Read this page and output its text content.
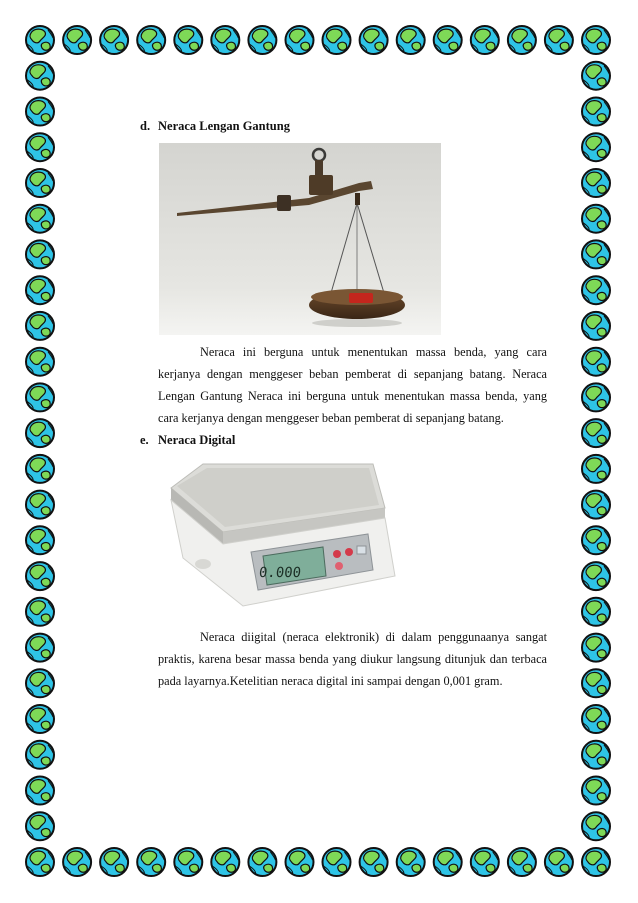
d. Neraca Lengan Gantung

Neraca ini berguna untuk menentukan massa benda, yang cara kerjanya dengan menggeser beban pemberat di sepanjang batang. Neraca Lengan Gantung Neraca ini berguna untuk menentukan massa benda, yang cara kerjanya dengan menggeser beban pemberat di sepanjang batang.

e. Neraca Digital
0.000

Neraca diigital (neraca elektronik) di dalam penggunaanya sangat praktis, karena besar massa benda yang diukur langsung ditunjuk dan terbaca pada layarnya.Ketelitian neraca digital ini sampai dengan 0,001 gram.
